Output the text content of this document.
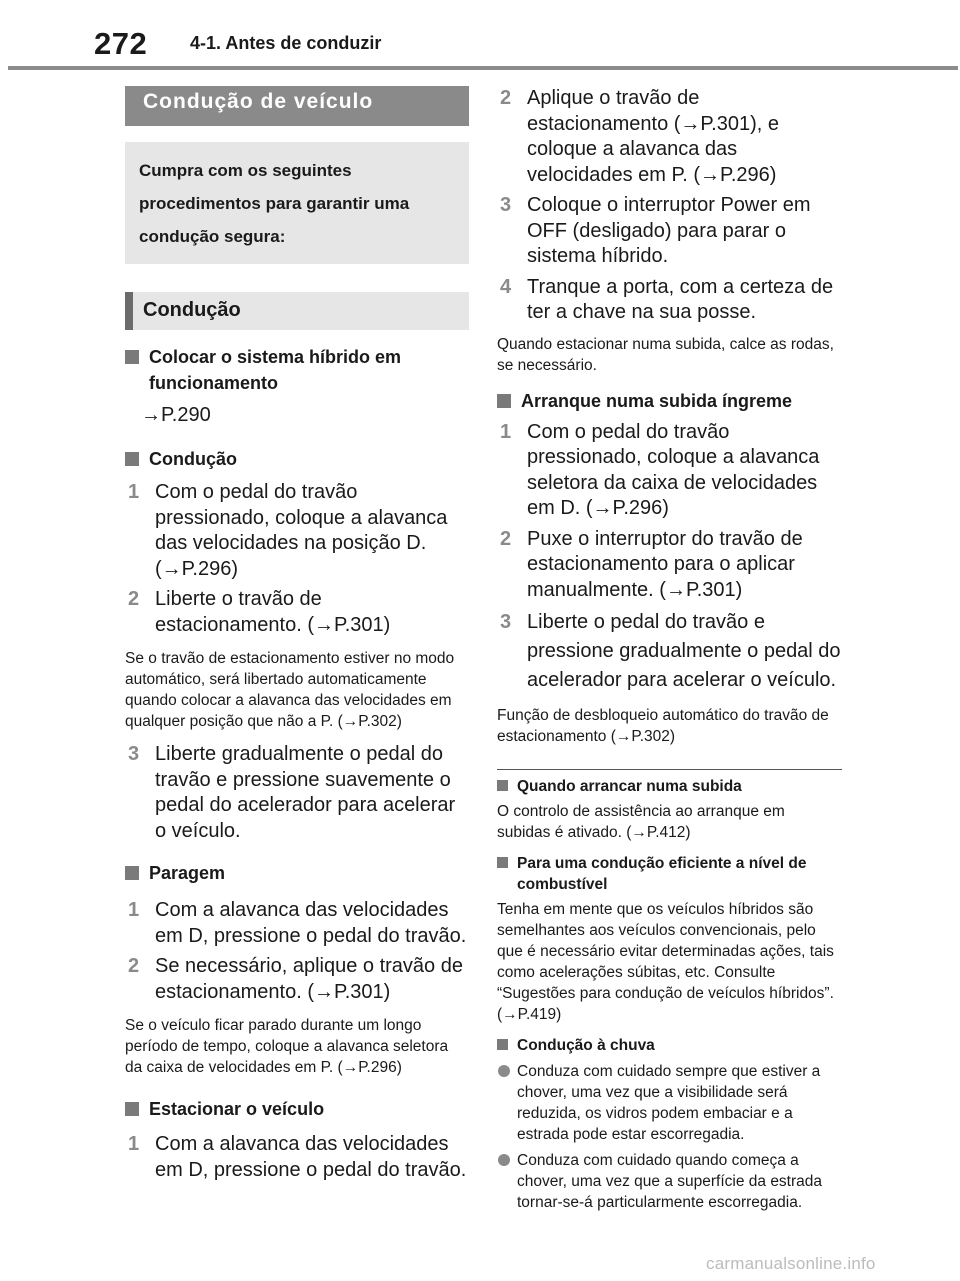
272 4-1. Antes de conduzir
Condução de veículo
Cumpra com os seguintes procedimentos para garantir uma condução segura:
Condução
Colocar o sistema híbrido em funcionamento
→P.290
Condução
1 Com o pedal do travão pressionado, coloque a alavanca das velocidades na posição D. (→P.296)
2 Liberte o travão de estacionamento. (→P.301)
Se o travão de estacionamento estiver no modo automático, será libertado automaticamente quando colocar a alavanca das velocidades em qualquer posição que não a P. (→P.302)
3 Liberte gradualmente o pedal do travão e pressione suavemente o pedal do acelerador para acelerar o veículo.
Paragem
1 Com a alavanca das velocidades em D, pressione o pedal do travão.
2 Se necessário, aplique o travão de estacionamento. (→P.301)
Se o veículo ficar parado durante um longo período de tempo, coloque a alavanca seletora da caixa de velocidades em P. (→P.296)
Estacionar o veículo
1 Com a alavanca das velocidades em D, pressione o pedal do travão.
2 Aplique o travão de estacionamento (→P.301), e coloque a alavanca das velocidades em P. (→P.296)
3 Coloque o interruptor Power em OFF (desligado) para parar o sistema híbrido.
4 Tranque a porta, com a certeza de ter a chave na sua posse.
Quando estacionar numa subida, calce as rodas, se necessário.
Arranque numa subida íngreme
1 Com o pedal do travão pressionado, coloque a alavanca seletora da caixa de velocidades em D. (→P.296)
2 Puxe o interruptor do travão de estacionamento para o aplicar manualmente. (→P.301)
3 Liberte o pedal do travão e pressione gradualmente o pedal do acelerador para acelerar o veículo.
Função de desbloqueio automático do travão de estacionamento (→P.302)
Quando arrancar numa subida
O controlo de assistência ao arranque em subidas é ativado. (→P.412)
Para uma condução eficiente a nível de combustível
Tenha em mente que os veículos híbridos são semelhantes aos veículos convencionais, pelo que é necessário evitar determinadas ações, tais como acelerações súbitas, etc. Consulte “Sugestões para condução de veículos híbridos”. (→P.419)
Condução à chuva
Conduza com cuidado sempre que estiver a chover, uma vez que a visibilidade será reduzida, os vidros podem embaciar e a estrada pode estar escorregadia.
Conduza com cuidado quando começa a chover, uma vez que a superfície da estrada tornar-se-á particularmente escorregadia.
carmanualsonline.info
